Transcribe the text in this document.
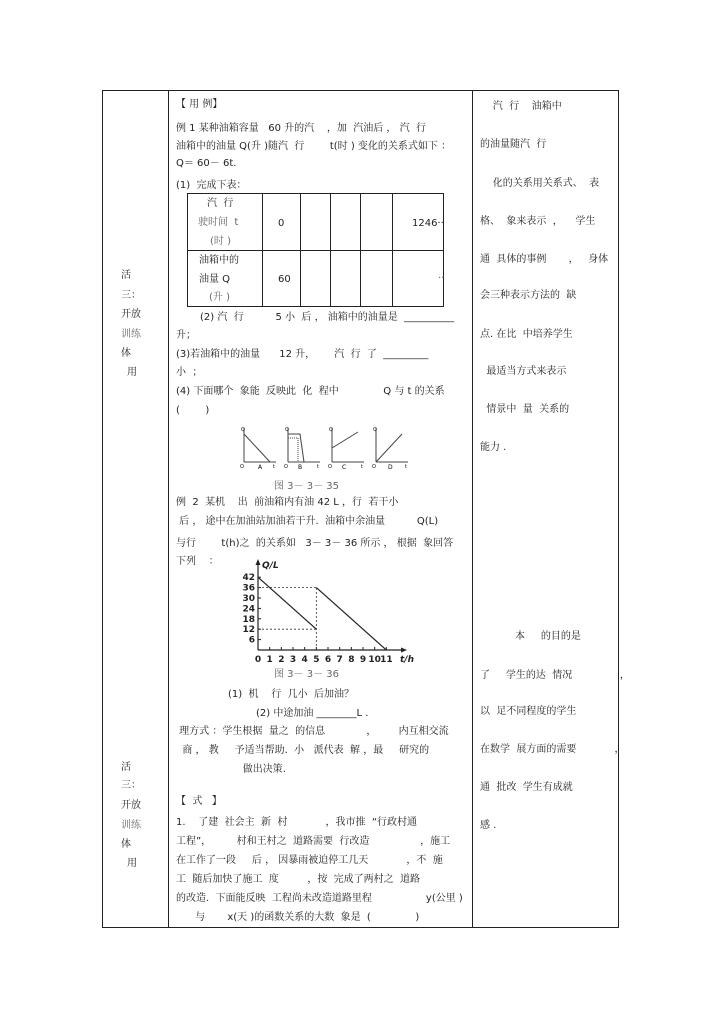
活
三：
开放
训练
体
用
活
三：
开放
训练
体
用
【 用 例】
例 1 某种油箱容量   60 升的汽    ，加  汽油后 ， 汽  行
油箱中的油量 Q(升 )随汽  行        t(时 ) 变化的关系式如下 ：
Q＝ 60－ 6t.
(1)  完成下表：
汽  行
驶时间  t
(时 )
0	1246··
油箱中的
油量 Q
(升 )
60	··
(2) 汽  行          5 小  后 ， 油箱中的油量是  __________
升；
(3)若油箱中的油量      12 升，      汽  行  了  _________
小  ；
(4) 下面哪个  象能  反映此  化  程中              Q 与 t 的关系
(        )
Q
t
O A
Q
t
O B
Q
t
O C
Q
t
O D
图 3－ 3－ 35
例  2  某机    出  前油箱内有油 42 L ，行  若干小
后 ， 途中在加油站加油若干升.  油箱中余油量          Q(L)
与行        t(h)之  的关系如   3－ 3－ 36 所示 ， 根据  象回答
下列    ：
42
36
30
24
18
12
6
0 1 2 3 4 5 6 7 8 9 10 11
Q/L
t/h
图 3－ 3－ 36
(1)  机    行  几小  后加油？
(2) 中途加油 ________L .
理方式 ：学生根据  量之  的信息             ，       内互相交流
商 ， 教     予适当帮助.  小   派代表  解 ，最     研究的
做出决策.
【  式   】
1.    了建  社会主  新  村            ，我市推  “行政村通
工程”，        村和王村之  道路需要  行改造                ，施工
在工作了一段     后 ， 因暴雨被迫停工几天            ，不  施
工  随后加快了施工  度         ，按  完成了两村之  道路
的改造.  下面能反映  工程尚未改造道路里程                 y(公里 )
与       x(天 )的函数关系的大数  象是  (              )
汽  行    油箱中
的油量随汽  行
化的关系用关系式、  表
格、  象来表示  ，    学生
通  具体的事例       ，   身体
会三种表示方法的  缺
点. 在比  中培养学生
最适当方式来表示
情景中  量  关系的
能力 .
本     的目的是
了     学生的达  情况               ，
以  足不同程度的学生
在数学  展方面的需要            ，
通  批改  学生有成就
感 .
